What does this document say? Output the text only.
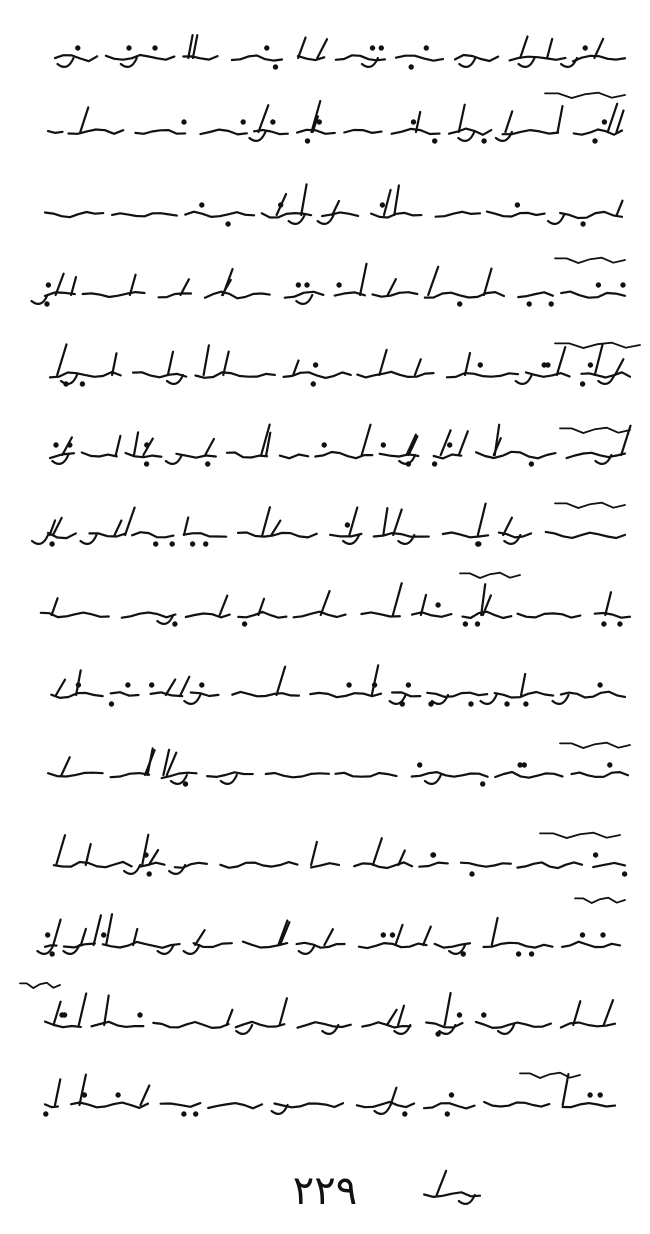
٢٢٩
